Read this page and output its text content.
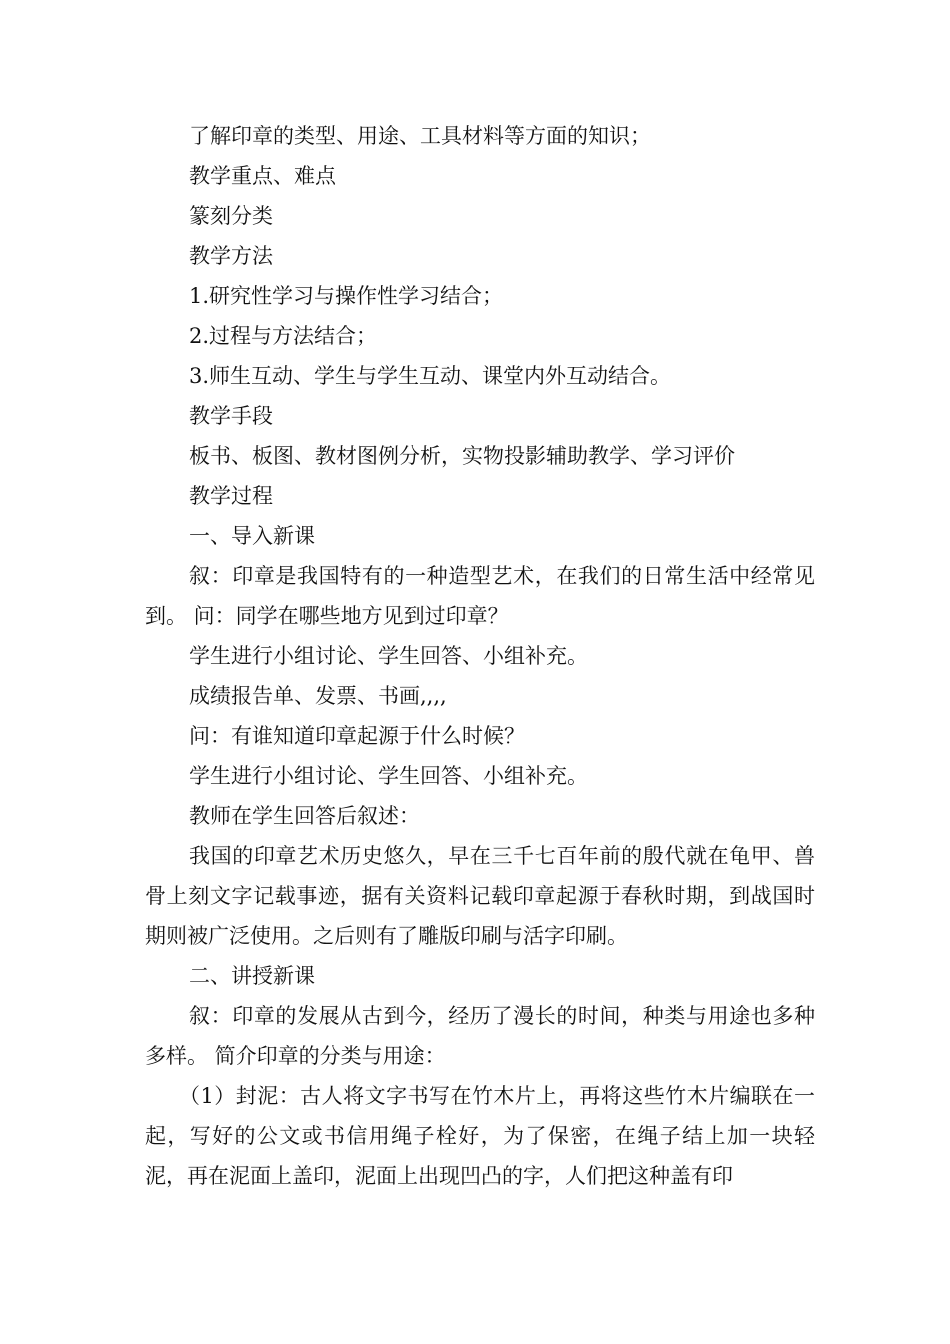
了解印章的类型、用途、工具材料等方面的知识；

教学重点、难点

篆刻分类

教学方法

1.研究性学习与操作性学习结合；

2.过程与方法结合；

3.师生互动、学生与学生互动、课堂内外互动结合。

教学手段

板书、板图、教材图例分析，实物投影辅助教学、学习评价

教学过程

一、导入新课

叙：印章是我国特有的一种造型艺术，在我们的日常生活中经常见到。 问：同学在哪些地方见到过印章？

学生进行小组讨论、学生回答、小组补充。

成绩报告单、发票、书画,,,,

问：有谁知道印章起源于什么时候？

学生进行小组讨论、学生回答、小组补充。

教师在学生回答后叙述：

我国的印章艺术历史悠久，早在三千七百年前的殷代就在龟甲、兽骨上刻文字记载事迹，据有关资料记载印章起源于春秋时期，到战国时期则被广泛使用。之后则有了雕版印刷与活字印刷。

二、讲授新课

叙：印章的发展从古到今，经历了漫长的时间，种类与用途也多种多样。 简介印章的分类与用途：

（1）封泥：古人将文字书写在竹木片上，再将这些竹木片编联在一起，写好的公文或书信用绳子栓好，为了保密，在绳子结上加一块轻泥，再在泥面上盖印，泥面上出现凹凸的字，人们把这种盖有印
